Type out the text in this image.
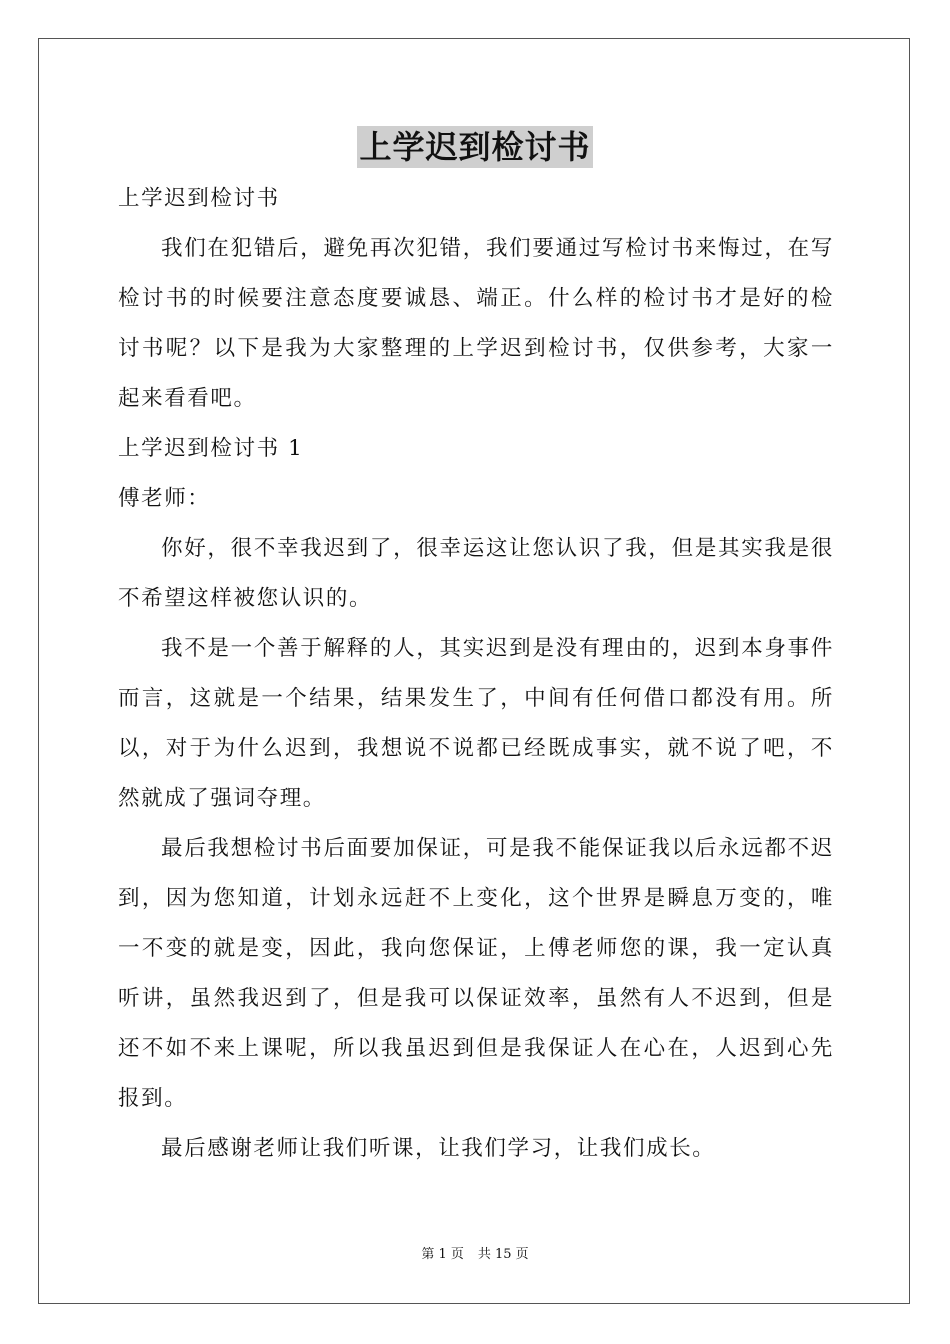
上学迟到检讨书

上学迟到检讨书

我们在犯错后，避免再次犯错，我们要通过写检讨书来悔过，在写检讨书的时候要注意态度要诚恳、端正。什么样的检讨书才是好的检讨书呢？以下是我为大家整理的上学迟到检讨书，仅供参考，大家一起来看看吧。

上学迟到检讨书 1

傅老师：

你好，很不幸我迟到了，很幸运这让您认识了我，但是其实我是很不希望这样被您认识的。

我不是一个善于解释的人，其实迟到是没有理由的，迟到本身事件而言，这就是一个结果，结果发生了，中间有任何借口都没有用。所以，对于为什么迟到，我想说不说都已经既成事实，就不说了吧，不然就成了强词夺理。

最后我想检讨书后面要加保证，可是我不能保证我以后永远都不迟到，因为您知道，计划永远赶不上变化，这个世界是瞬息万变的，唯一不变的就是变，因此，我向您保证，上傅老师您的课，我一定认真听讲，虽然我迟到了，但是我可以保证效率，虽然有人不迟到，但是还不如不来上课呢，所以我虽迟到但是我保证人在心在，人迟到心先报到。

最后感谢老师让我们听课，让我们学习，让我们成长。

第 1 页 共 15 页
